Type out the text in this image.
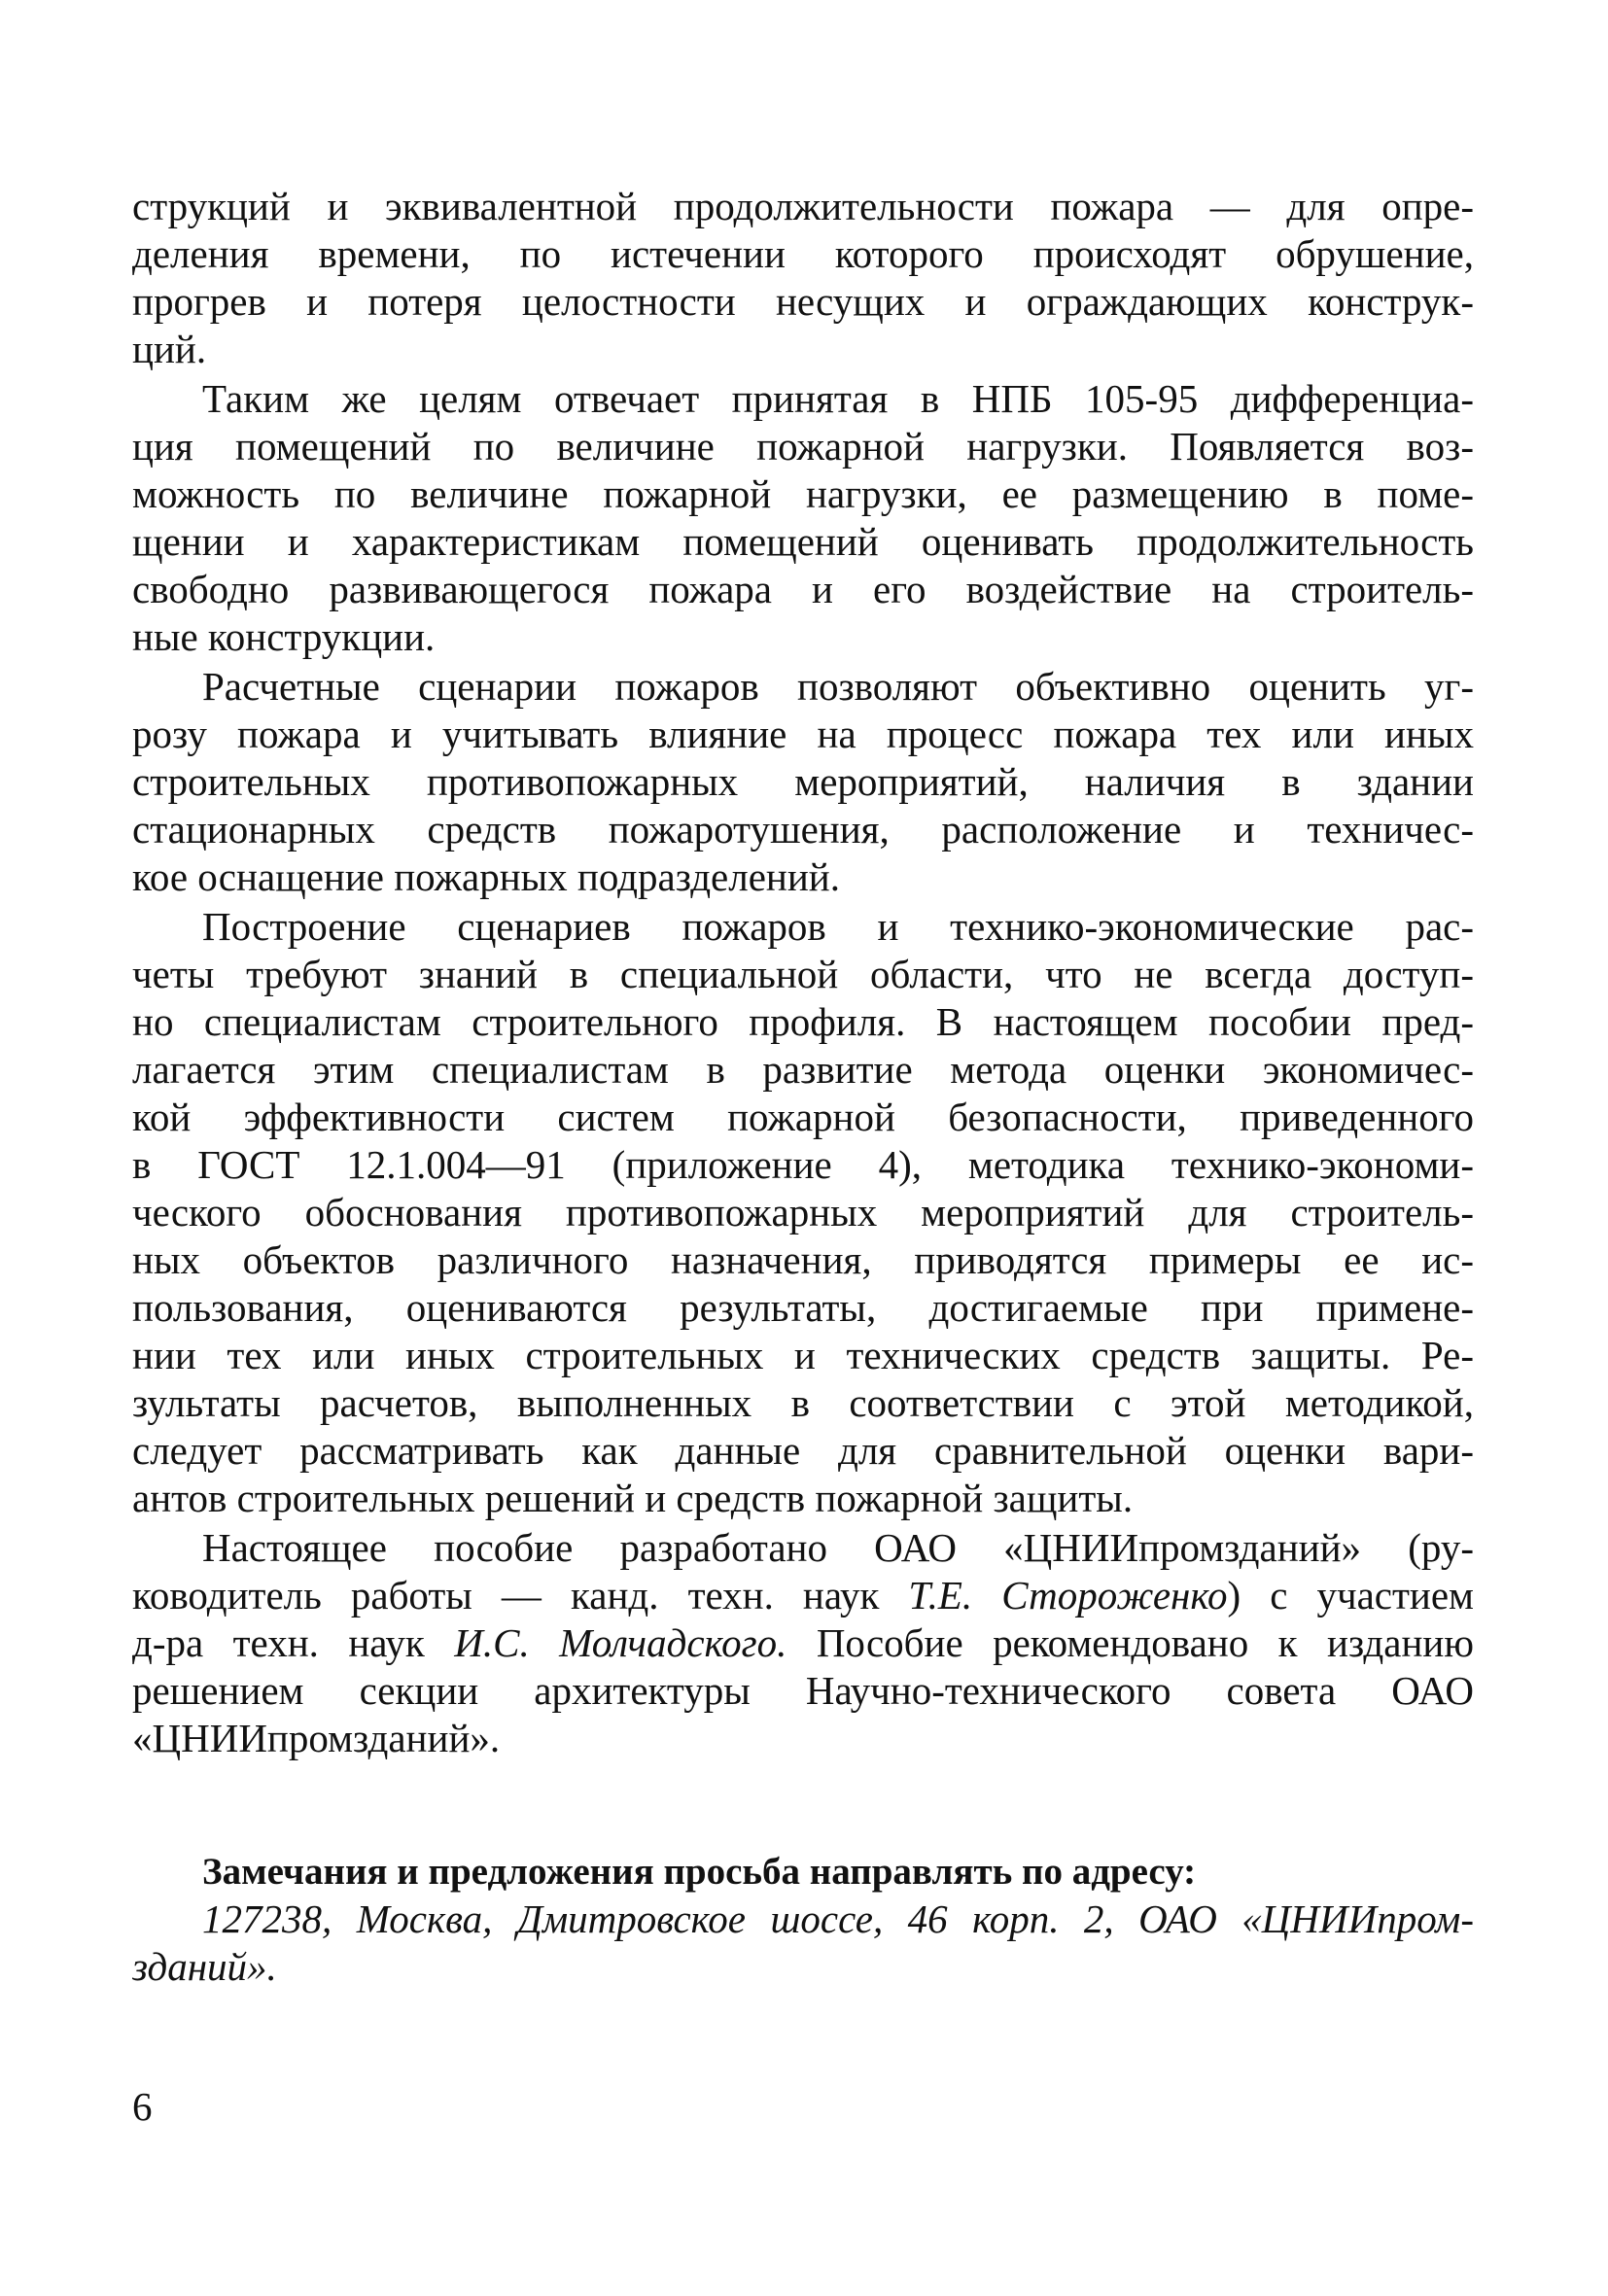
струкций и эквивалентной продолжительности пожара — для опре-
деления времени, по истечении которого происходят обрушение,
прогрев и потеря целостности несущих и ограждающих конструк-
ций.
Таким же целям отвечает принятая в НПБ 105-95 дифференциа-
ция помещений по величине пожарной нагрузки. Появляется воз-
можность по величине пожарной нагрузки, ее размещению в поме-
щении и характеристикам помещений оценивать продолжительность
свободно развивающегося пожара и его воздействие на строитель-
ные конструкции.
Расчетные сценарии пожаров позволяют объективно оценить уг-
розу пожара и учитывать влияние на процесс пожара тех или иных
строительных противопожарных мероприятий, наличия в здании
стационарных средств пожаротушения, расположение и техничес-
кое оснащение пожарных подразделений.
Построение сценариев пожаров и технико-экономические рас-
четы требуют знаний в специальной области, что не всегда доступ-
но специалистам строительного профиля. В настоящем пособии пред-
лагается этим специалистам в развитие метода оценки экономичес-
кой эффективности систем пожарной безопасности, приведенного
в ГОСТ 12.1.004—91 (приложение 4), методика технико-экономи-
ческого обоснования противопожарных мероприятий для строитель-
ных объектов различного назначения, приводятся примеры ее ис-
пользования, оцениваются результаты, достигаемые при примене-
нии тех или иных строительных и технических средств защиты. Ре-
зультаты расчетов, выполненных в соответствии с этой методикой,
следует рассматривать как данные для сравнительной оценки вари-
антов строительных решений и средств пожарной защиты.
Настоящее пособие разработано ОАО «ЦНИИпромзданий» (ру-
ководитель работы — канд. техн. наук Т.Е. Стороженко) с участием
д-ра техн. наук И.С. Молчадского. Пособие рекомендовано к изданию
решением секции архитектуры Научно-технического совета ОАО
«ЦНИИпромзданий».
Замечания и предложения просьба направлять по адресу:
127238, Москва, Дмитровское шоссе, 46 корп. 2, ОАО «ЦНИИпром-
зданий».
6
